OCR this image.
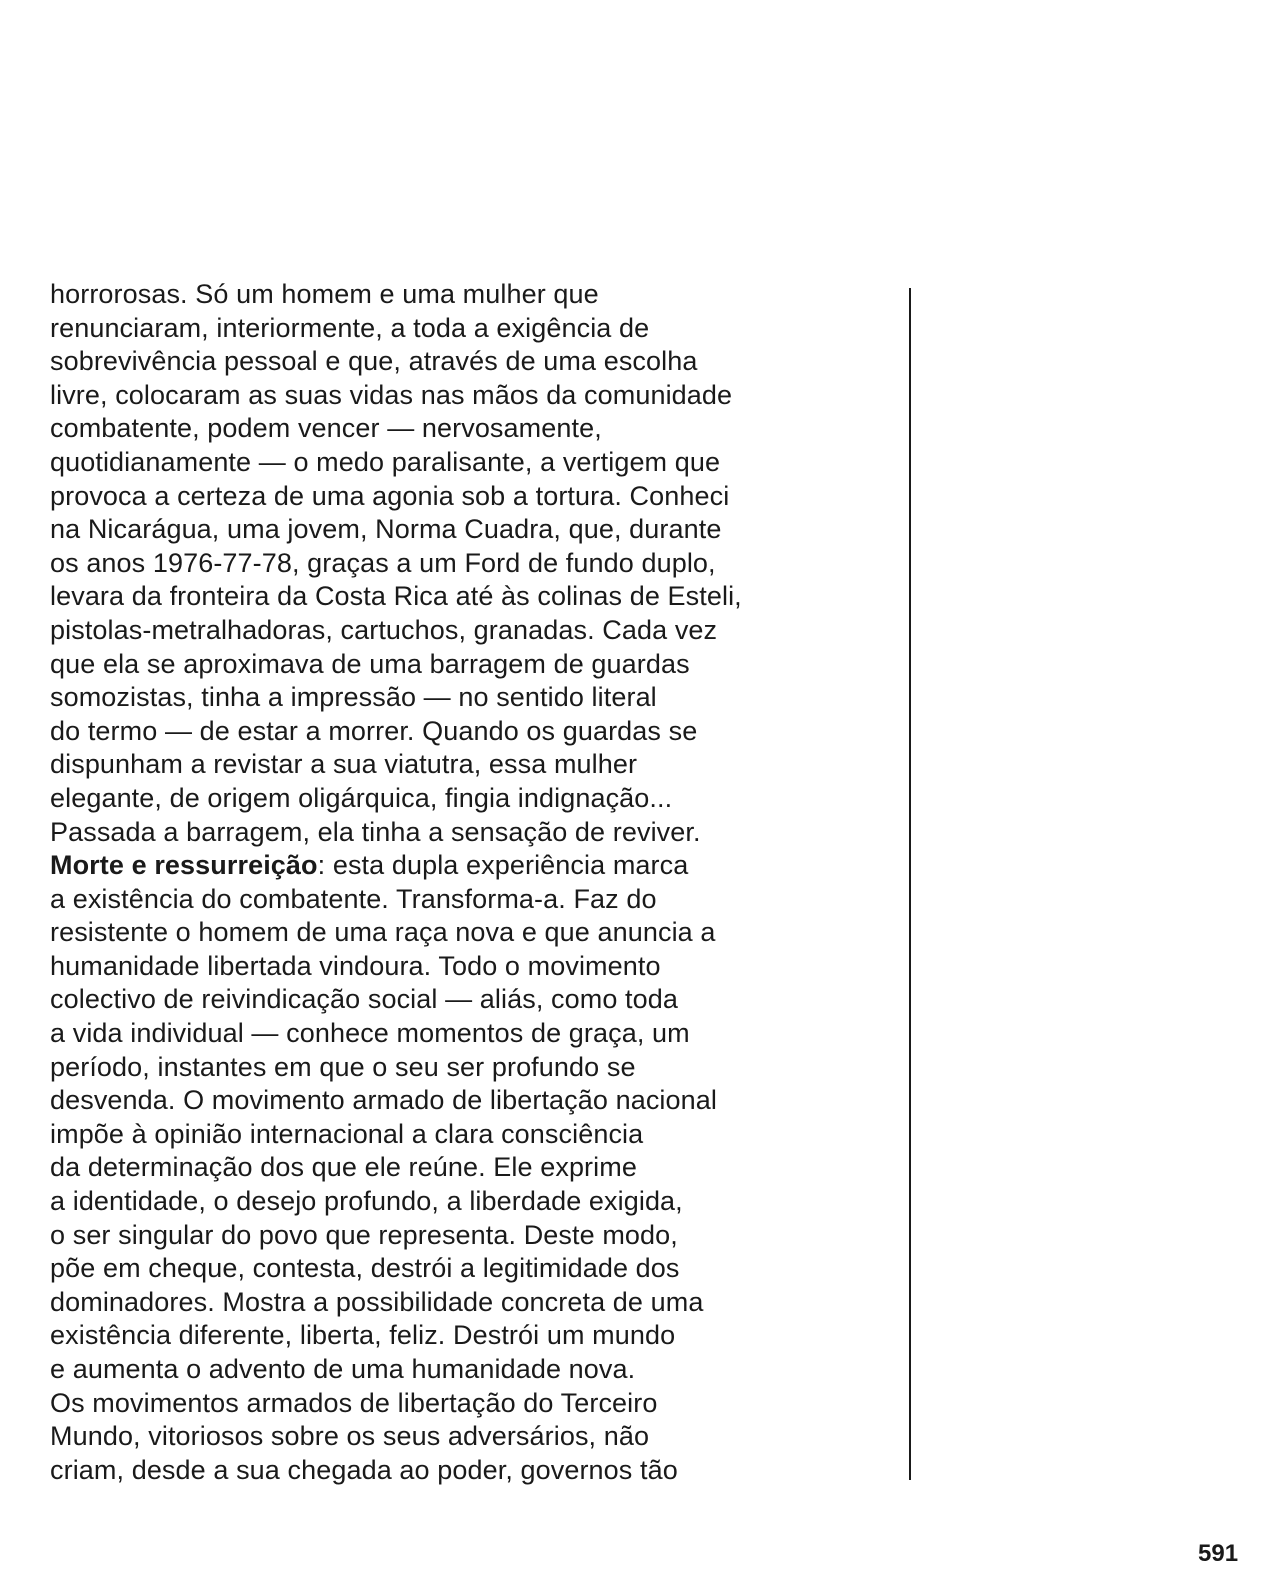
horrorosas. Só um homem e uma mulher que
renunciaram, interiormente, a toda a exigência de
sobrevivência pessoal e que, através de uma escolha
livre, colocaram as suas vidas nas mãos da comunidade
combatente, podem vencer — nervosamente,
quotidianamente — o medo paralisante, a vertigem que
provoca a certeza de uma agonia sob a tortura. Conheci
na Nicarágua, uma jovem, Norma Cuadra, que, durante
os anos 1976-77-78, graças a um Ford de fundo duplo,
levara da fronteira da Costa Rica até às colinas de Esteli,
pistolas-metralhadoras, cartuchos, granadas. Cada vez
que ela se aproximava de uma barragem de guardas
somozistas, tinha a impressão — no sentido literal
do termo — de estar a morrer. Quando os guardas se
dispunham a revistar a sua viatutra, essa mulher
elegante, de origem oligárquica, fingia indignação...
Passada a barragem, ela tinha a sensação de reviver.
Morte e ressurreição: esta dupla experiência marca
a existência do combatente. Transforma-a. Faz do
resistente o homem de uma raça nova e que anuncia a
humanidade libertada vindoura. Todo o movimento
colectivo de reivindicação social — aliás, como toda
a vida individual — conhece momentos de graça, um
período, instantes em que o seu ser profundo se
desvenda. O movimento armado de libertação nacional
impõe à opinião internacional a clara consciência
da determinação dos que ele reúne. Ele exprime
a identidade, o desejo profundo, a liberdade exigida,
o ser singular do povo que representa. Deste modo,
põe em cheque, contesta, destrói a legitimidade dos
dominadores. Mostra a possibilidade concreta de uma
existência diferente, liberta, feliz. Destrói um mundo
e aumenta o advento de uma humanidade nova.
Os movimentos armados de libertação do Terceiro
Mundo, vitoriosos sobre os seus adversários, não
criam, desde a sua chegada ao poder, governos tão
591
